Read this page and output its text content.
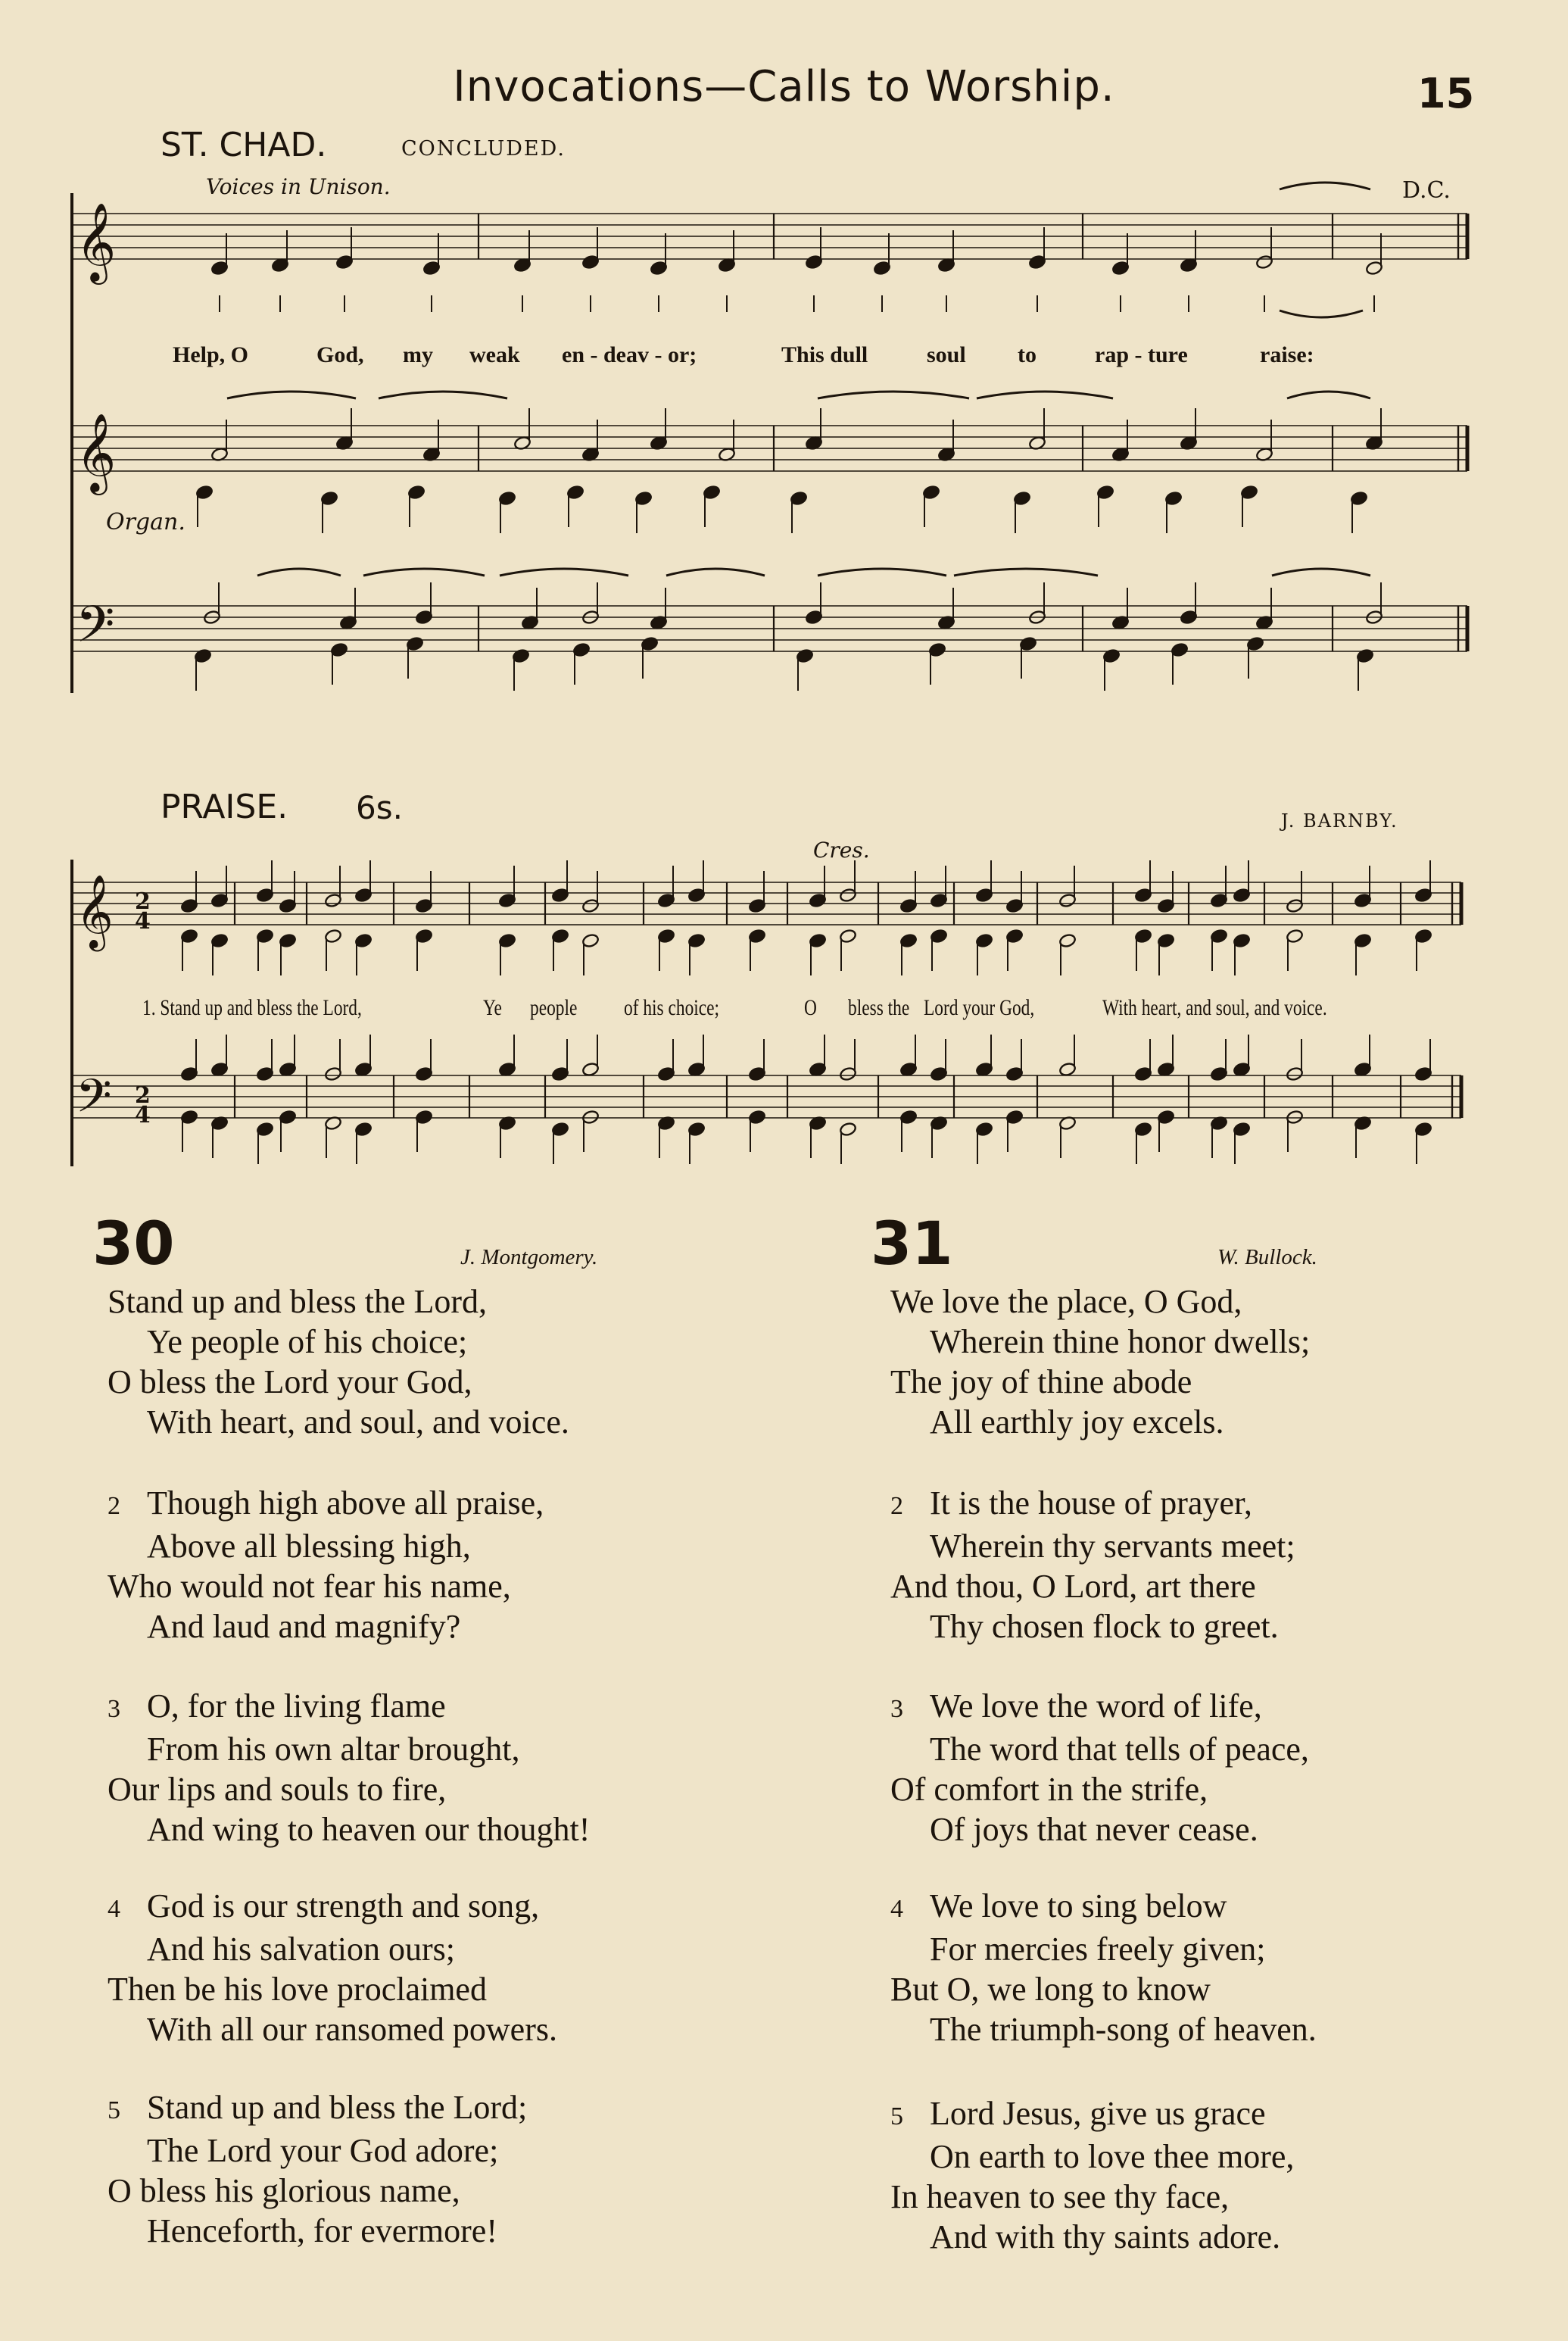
Invocations—Calls to Worship.	15
ST. CHAD.	CONCLUDED.
Voices in Unison.	D.C.
Organ.
Help, O	God, my weak en - deav - or;	This dull	soul to	rap - ture	raise:
PRAISE. 6s.	J. BARNBY.
Cres.
1. Stand up and bless the Lord,	Ye people of his choice;	O bless the Lord your God,	With heart, and soul, and voice.
𝄞
𝄞
𝄢
𝄞
𝄢
2
4
2
4
30	J. Montgomery.
Stand up and bless the Lord,
Ye people of his choice;
O bless the Lord your God,
With heart, and soul, and voice.
2 Though high above all praise,
Above all blessing high,
Who would not fear his name,
And laud and magnify?
3 O, for the living flame
From his own altar brought,
Our lips and souls to fire,
And wing to heaven our thought!
4 God is our strength and song,
And his salvation ours;
Then be his love proclaimed
With all our ransomed powers.
5 Stand up and bless the Lord;
The Lord your God adore;
O bless his glorious name,
Henceforth, for evermore!
31	W. Bullock.
We love the place, O God,
Wherein thine honor dwells;
The joy of thine abode
All earthly joy excels.
2 It is the house of prayer,
Wherein thy servants meet;
And thou, O Lord, art there
Thy chosen flock to greet.
3 We love the word of life,
The word that tells of peace,
Of comfort in the strife,
Of joys that never cease.
4 We love to sing below
For mercies freely given;
But O, we long to know
The triumph-song of heaven.
5 Lord Jesus, give us grace
On earth to love thee more,
In heaven to see thy face,
And with thy saints adore.
